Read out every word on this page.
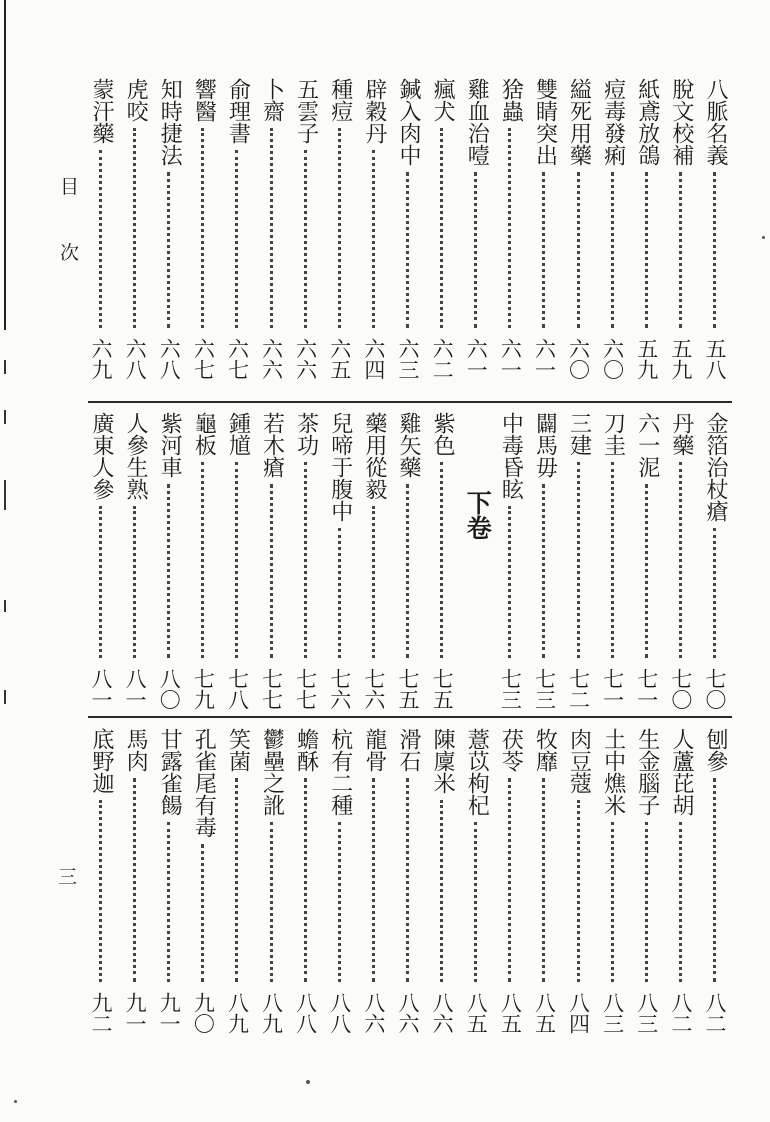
目
次
三
八脈名義
五八
脫文校補
五九
紙鳶放鴿
五九
痘毒發痢
六〇
縊死用藥
六〇
雙睛突出
六一
猞蟲
六一
雞血治噎
六一
瘋犬
六二
鍼入肉中
六三
辟穀丹
六四
種痘
六五
五雲子
六六
卜齋
六六
俞理書
六七
響醫
六七
知時捷法
六八
虎咬
六八
蒙汗藥
六九
金箔治杖瘡
七〇
丹藥
七〇
六一泥
七一
刀圭
七一
三建
七二
闢馬毋
七三
中毒昏眩
七三
下卷
紫色
七五
雞矢藥
七五
藥用從毅
七六
兒啼于腹中
七六
茶功
七七
若木瘡
七七
鍾馗
七八
龜板
七九
紫河車
八〇
人參生熟
八一
廣東人參
八一
刨參
八二
人蘆芘胡
八二
生金腦子
八三
土中燋米
八三
肉豆蔻
八四
牧靡
八五
茯苓
八五
薏苡枸杞
八五
陳廩米
八六
滑石
八六
龍骨
八六
杭有二種
八八
蟾酥
八八
鬱壘之訛
八九
笑菌
八九
孔雀尾有毒
九〇
甘露雀餳
九一
馬肉
九一
底野迦
九二
